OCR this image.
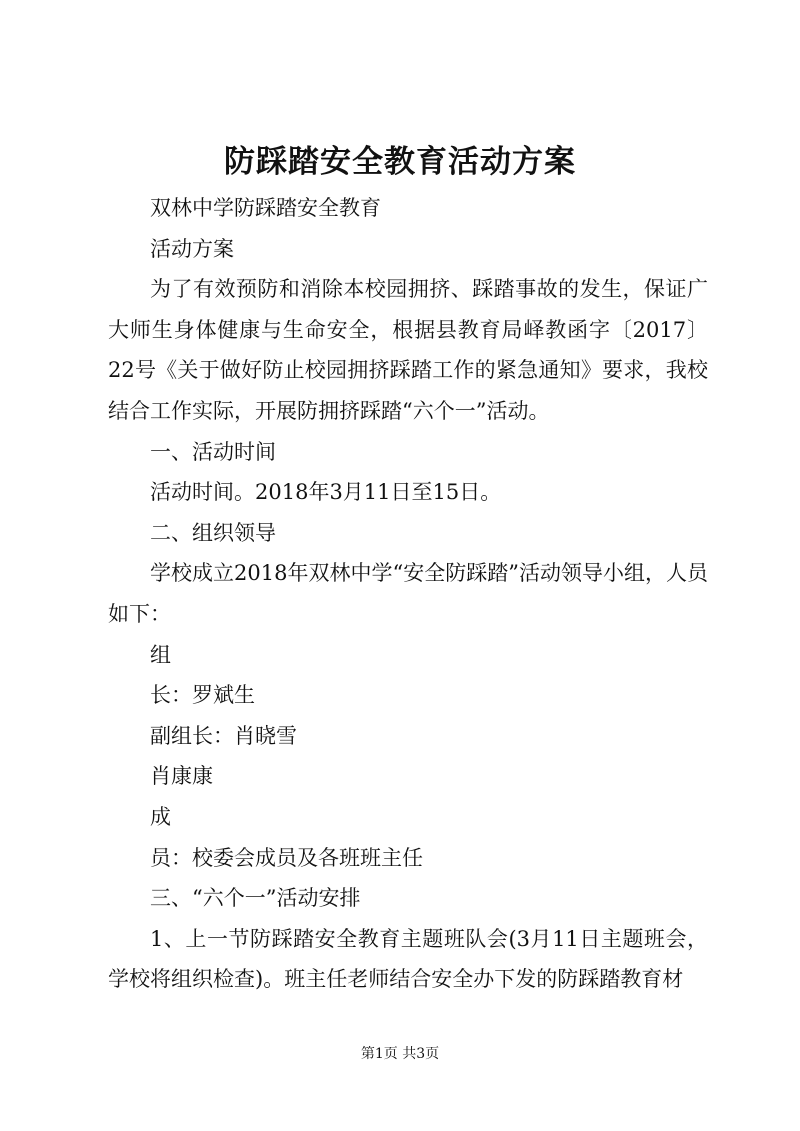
防踩踏安全教育活动方案

双林中学防踩踏安全教育

活动方案

为了有效预防和消除本校园拥挤、踩踏事故的发生，保证广大师生身体健康与生命安全，根据县教育局峄教函字〔2017〕22号《关于做好防止校园拥挤踩踏工作的紧急通知》要求，我校结合工作实际，开展防拥挤踩踏“六个一”活动。

一、活动时间

活动时间。2018年3月11日至15日。

二、组织领导

学校成立2018年双林中学“安全防踩踏”活动领导小组，人员如下：

组

长：罗斌生

副组长：肖晓雪

肖康康

成

员：校委会成员及各班班主任

三、“六个一”活动安排

1、上一节防踩踏安全教育主题班队会(3月11日主题班会，学校将组织检查)。班主任老师结合安全办下发的防踩踏教育材

第1页 共3页
